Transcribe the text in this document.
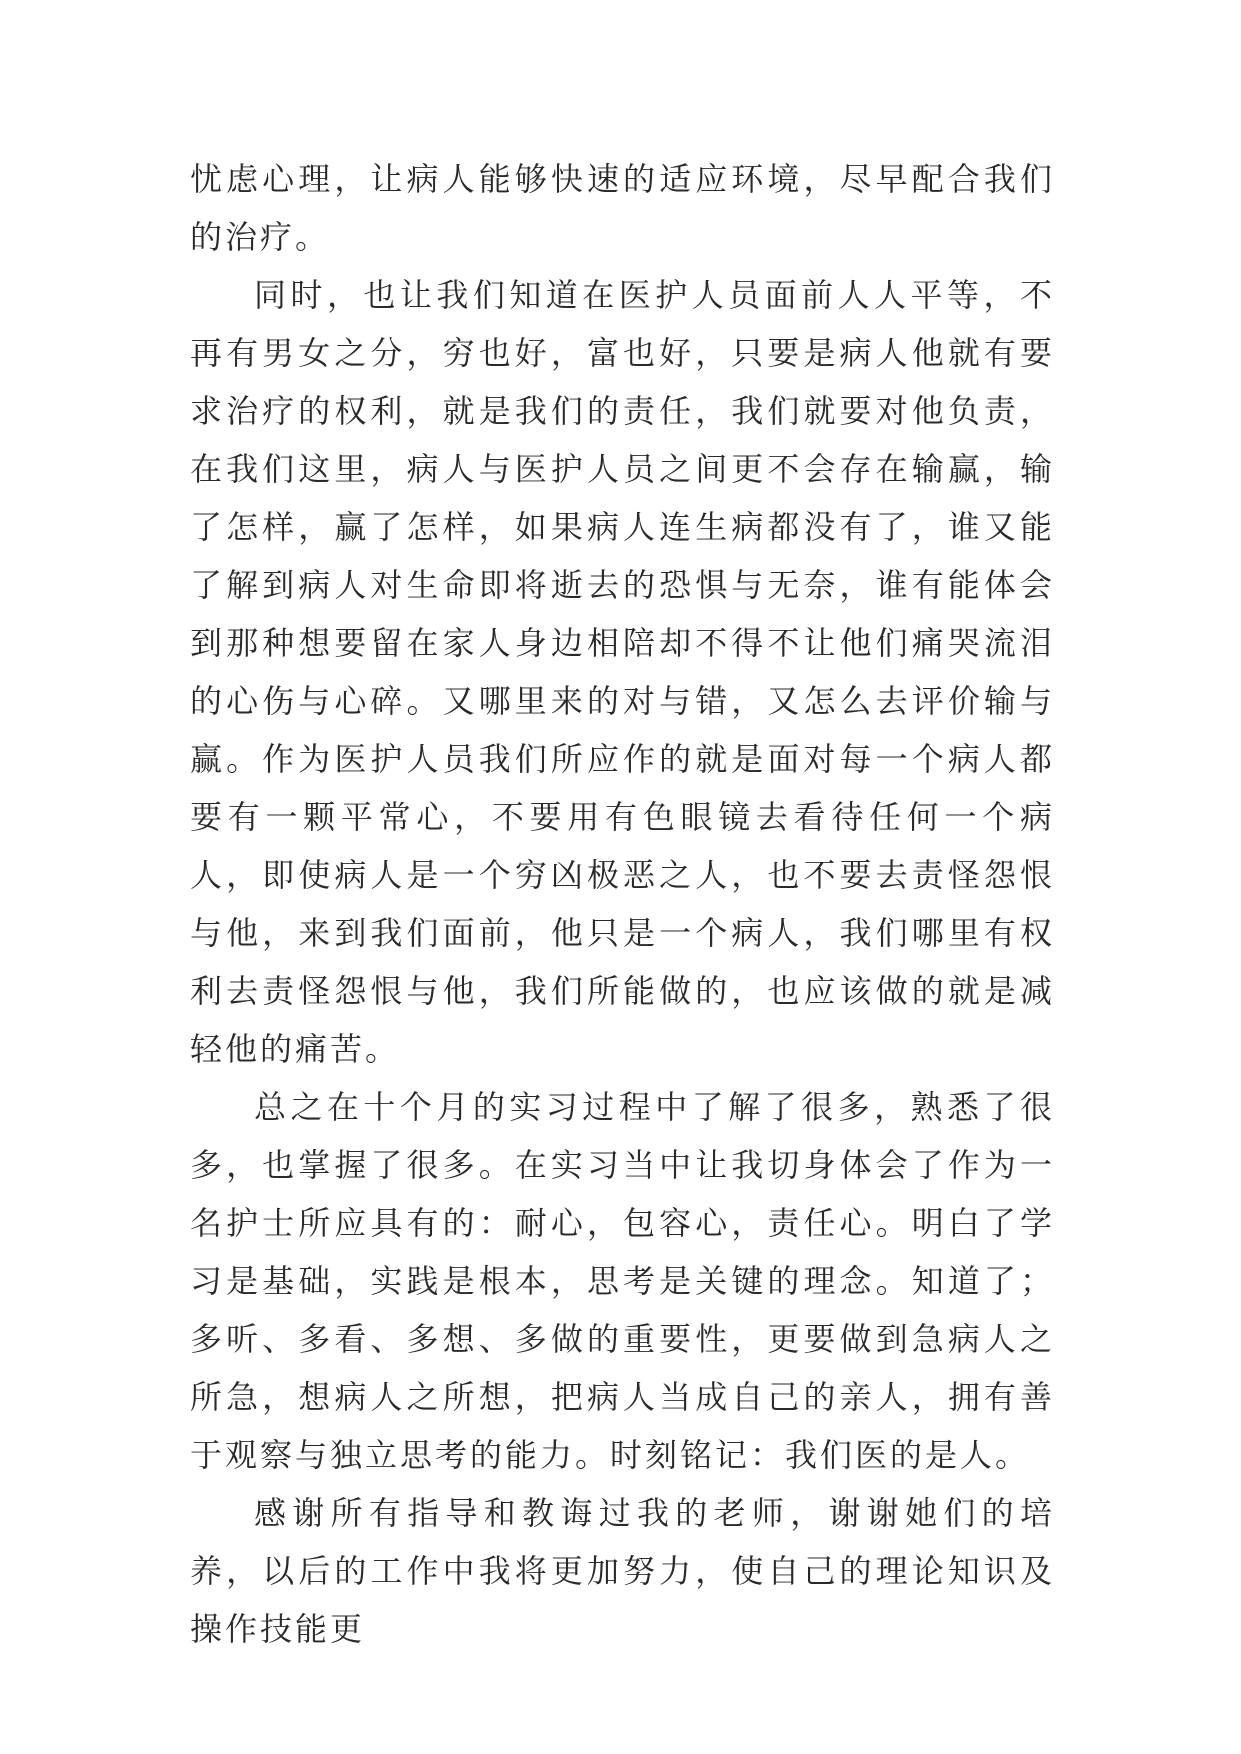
忧虑心理，让病人能够快速的适应环境，尽早配合我们的治疗。

同时，也让我们知道在医护人员面前人人平等，不再有男女之分，穷也好，富也好，只要是病人他就有要求治疗的权利，就是我们的责任，我们就要对他负责，在我们这里，病人与医护人员之间更不会存在输赢，输了怎样，赢了怎样，如果病人连生病都没有了，谁又能了解到病人对生命即将逝去的恐惧与无奈，谁有能体会到那种想要留在家人身边相陪却不得不让他们痛哭流泪的心伤与心碎。又哪里来的对与错，又怎么去评价输与赢。作为医护人员我们所应作的就是面对每一个病人都要有一颗平常心，不要用有色眼镜去看待任何一个病人，即使病人是一个穷凶极恶之人，也不要去责怪怨恨与他，来到我们面前，他只是一个病人，我们哪里有权利去责怪怨恨与他，我们所能做的，也应该做的就是减轻他的痛苦。

总之在十个月的实习过程中了解了很多，熟悉了很多，也掌握了很多。在实习当中让我切身体会了作为一名护士所应具有的：耐心，包容心，责任心。明白了学习是基础，实践是根本，思考是关键的理念。知道了；多听、多看、多想、多做的重要性，更要做到急病人之所急，想病人之所想，把病人当成自己的亲人，拥有善于观察与独立思考的能力。时刻铭记：我们医的是人。

感谢所有指导和教诲过我的老师，谢谢她们的培养，以后的工作中我将更加努力，使自己的理论知识及操作技能更
